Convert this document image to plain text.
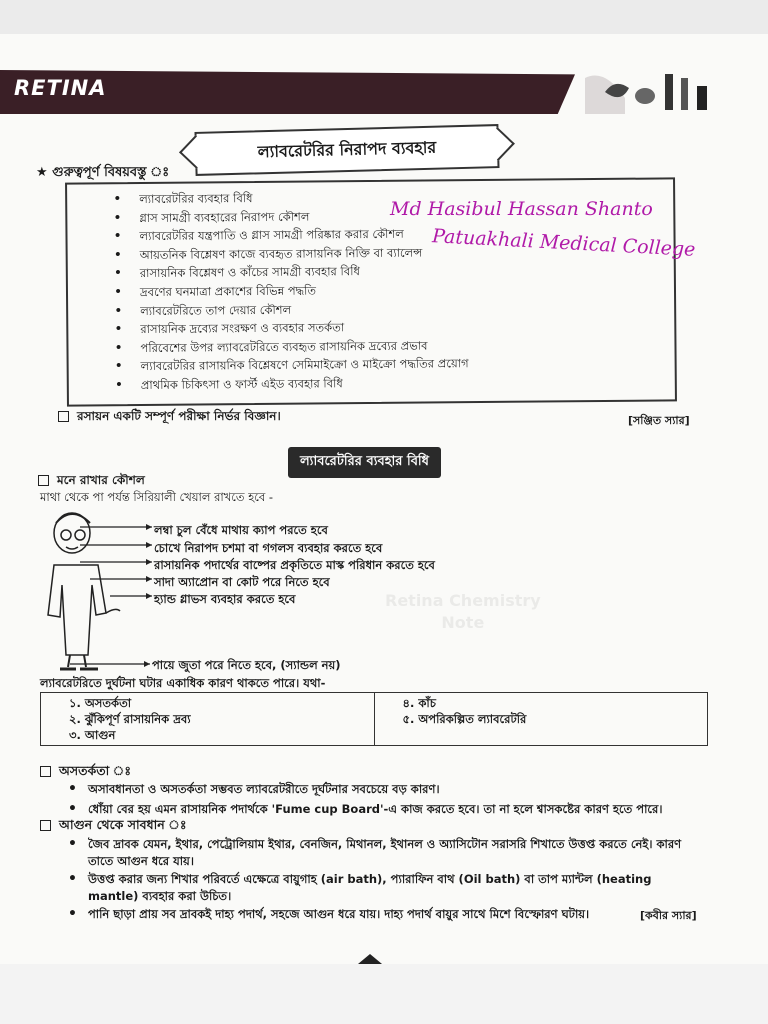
RETINA
ল্যাবরেটরির নিরাপদ ব্যবহার
★ গুরুত্বপূর্ণ বিষয়বস্তু ঃ
• ল্যাবরেটরির ব্যবহার বিধি
• গ্লাস সামগ্রী ব্যবহারের নিরাপদ কৌশল
• ল্যাবরেটরির যন্ত্রপাতি ও গ্লাস সামগ্রী পরিষ্কার করার কৌশল
• আয়তনিক বিশ্লেষণ কাজে ব্যবহৃত রাসায়নিক নিক্তি বা ব্যালেন্স
• রাসায়নিক বিশ্লেষণ ও কাঁচের সামগ্রী ব্যবহার বিধি
• দ্রবণের ঘনমাত্রা প্রকাশের বিভিন্ন পদ্ধতি
• ল্যাবরেটরিতে তাপ দেয়ার কৌশল
• রাসায়নিক দ্রব্যের সংরক্ষণ ও ব্যবহার সতর্কতা
• পরিবেশের উপর ল্যাবরেটরিতে ব্যবহৃত রাসায়নিক দ্রব্যের প্রভাব
• ল্যাবরেটরির রাসায়নিক বিশ্লেষণে সেমিমাইক্রো ও মাইক্রো পদ্ধতির প্রয়োগ
• প্রাথমিক চিকিৎসা ও ফার্স্ট এইড ব্যবহার বিধি
Md Hasibul Hassan Shanto
Patuakhali Medical College
রসায়ন একটি সম্পূর্ণ পরীক্ষা নির্ভর বিজ্ঞান।	[সঞ্জিত স্যার]
Retina Chemistry
Note
ল্যাবরেটরির ব্যবহার বিধি
মনে রাখার কৌশল
মাথা থেকে পা পর্যন্ত সিরিয়ালী খেয়াল রাখতে হবে -
লম্বা চুল বেঁধে মাথায় ক্যাপ পরতে হবে
চোখে নিরাপদ চশমা বা গগলস ব্যবহার করতে হবে
রাসায়নিক পদার্থের বাষ্পের প্রকৃতিতে মাস্ক পরিধান করতে হবে
সাদা অ্যাপ্রোন বা কোট পরে নিতে হবে
হ্যান্ড গ্লাভস ব্যবহার করতে হবে
পায়ে জুতা পরে নিতে হবে, (স্যান্ডল নয়)
ল্যাবরেটরিতে দুর্ঘটনা ঘটার একাধিক কারণ থাকতে পারে। যথা-
১. অসতর্কতা
২. ঝুঁকিপূর্ণ রাসায়নিক দ্রব্য
৩. আগুন
৪. কাঁচ
৫. অপরিকল্পিত ল্যাবরেটরি
অসতর্কতা ঃ
• অসাবধানতা ও অসতর্কতা সম্ভবত ল্যাবরেটরীতে দূর্ঘটনার সবচেয়ে বড় কারণ।
• ধোঁয়া বের হয় এমন রাসায়নিক পদার্থকে 'Fume cup Board'-এ কাজ করতে হবে। তা না হলে শ্বাসকষ্টের কারণ হতে পারে।
আগুন থেকে সাবধান ঃ
• জৈব দ্রাবক যেমন, ইথার, পেট্রোলিয়াম ইথার, বেনজিন, মিথানল, ইথানল ও অ্যাসিটোন সরাসরি শিখাতে উত্তপ্ত করতে নেই। কারণ তাতে আগুন ধরে যায়।
• উত্তপ্ত করার জন্য শিখার পরিবর্তে এক্ষেত্রে বায়ুগাহ (air bath), প্যারাফিন বাথ (Oil bath) বা তাপ ম্যান্টল (heating mantle) ব্যবহার করা উচিত।
• পানি ছাড়া প্রায় সব দ্রাবকই দাহ্য পদার্থ, সহজে আগুন ধরে যায়। দাহ্য পদার্থ বায়ুর সাথে মিশে বিস্ফোরণ ঘটায়।	[কবীর স্যার]
